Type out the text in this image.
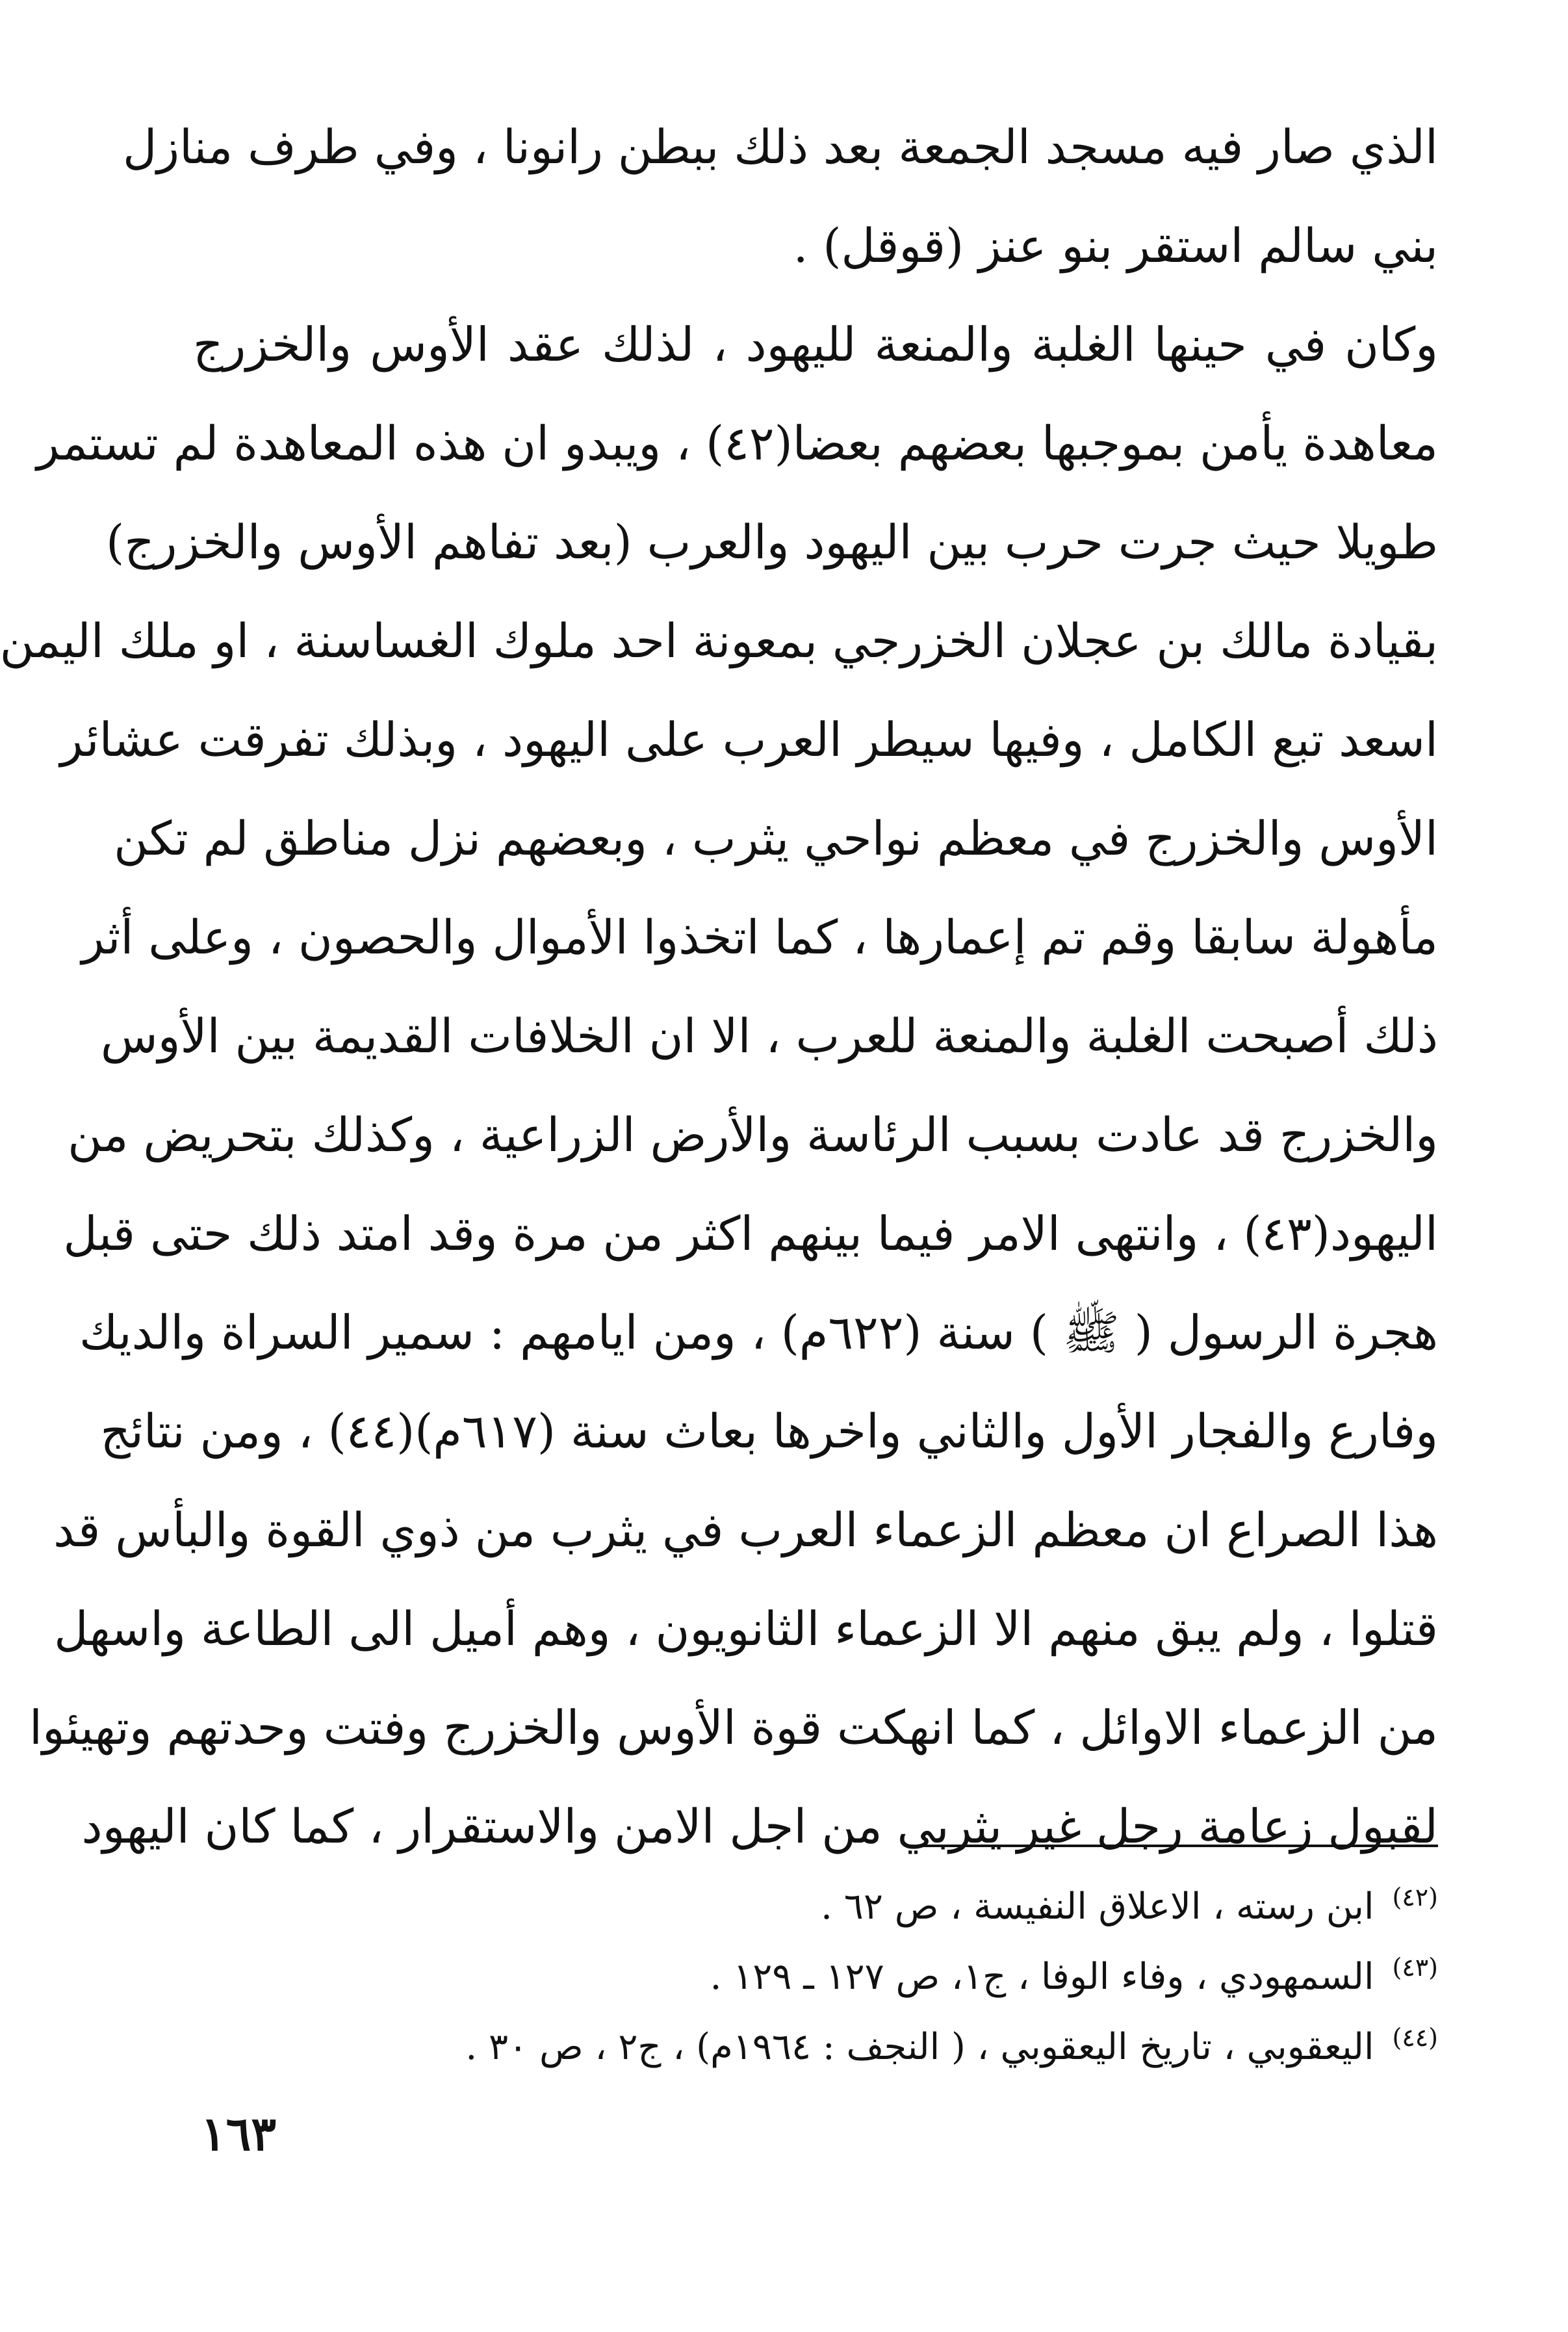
الذي صار فيه مسجد الجمعة بعد ذلك ببطن رانونا ، وفي طرف منازل
بني سالم استقر بنو عنز (قوقل) .
وكان في حينها الغلبة والمنعة لليهود ، لذلك عقد الأوس والخزرج
معاهدة يأمن بموجبها بعضهم بعضا(٤٢) ، ويبدو ان هذه المعاهدة لم تستمر
طويلا حيث جرت حرب بين اليهود والعرب (بعد تفاهم الأوس والخزرج)
بقيادة مالك بن عجلان الخزرجي بمعونة احد ملوك الغساسنة ، او ملك اليمن
اسعد تبع الكامل ، وفيها سيطر العرب على اليهود ، وبذلك تفرقت عشائر
الأوس والخزرج في معظم نواحي يثرب ، وبعضهم نزل مناطق لم تكن
مأهولة سابقا وقم تم إعمارها ، كما اتخذوا الأموال والحصون ، وعلى أثر
ذلك أصبحت الغلبة والمنعة للعرب ، الا ان الخلافات القديمة بين الأوس
والخزرج قد عادت بسبب الرئاسة والأرض الزراعية ، وكذلك بتحريض من
اليهود(٤٣) ، وانتهى الامر فيما بينهم اكثر من مرة وقد امتد ذلك حتى قبل
هجرة الرسول ( ﷺ ) سنة (٦٢٢م) ، ومن ايامهم : سمير السراة والديك
وفارع والفجار الأول والثاني واخرها بعاث سنة (٦١٧م)(٤٤) ، ومن نتائج
هذا الصراع ان معظم الزعماء العرب في يثرب من ذوي القوة والبأس قد
قتلوا ، ولم يبق منهم الا الزعماء الثانويون ، وهم أميل الى الطاعة واسهل
من الزعماء الاوائل ، كما انهكت قوة الأوس والخزرج وفتت وحدتهم وتهيئوا
لقبول زعامة رجل غير يثربي من اجل الامن والاستقرار ، كما كان اليهود
$^{(٤٢)}$ابن رسته ، الاعلاق النفيسة ، ص ٦٢ .
$^{(٤٣)}$السمهودي ، وفاء الوفا ، ج١، ص ١٢٧ ـ ١٢٩ .
$^{(٤٤)}$اليعقوبي ، تاريخ اليعقوبي ، ( النجف : ١٩٦٤م) ، ج٢ ، ص ٣٠ .
١٦٣
